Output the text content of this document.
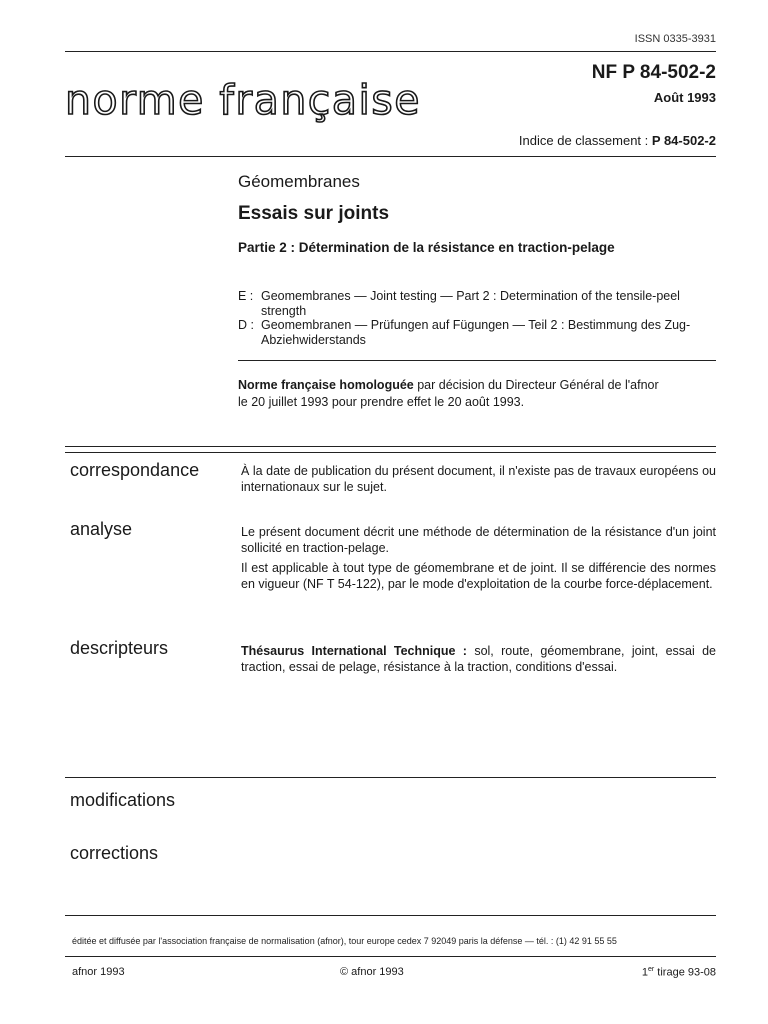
ISSN 0335-3931
norme française
NF P 84-502-2
Août 1993
Indice de classement : P 84-502-2
Géomembranes
Essais sur joints
Partie 2 : Détermination de la résistance en traction-pelage
E : Geomembranes — Joint testing — Part 2 : Determination of the tensile-peel strength
D : Geomembranen — Prüfungen auf Fügungen — Teil 2 : Bestimmung des Zug-Abziehwiderstands
Norme française homologuée par décision du Directeur Général de l'afnor
le 20 juillet 1993 pour prendre effet le 20 août 1993.
correspondance	À la date de publication du présent document, il n'existe pas de travaux européens ou internationaux sur le sujet.
analyse	Le présent document décrit une méthode de détermination de la résistance d'un joint sollicité en traction-pelage.
Il est applicable à tout type de géomembrane et de joint. Il se différencie des normes en vigueur (NF T 54-122), par le mode d'exploitation de la courbe force-déplacement.
descripteurs	Thésaurus International Technique : sol, route, géomembrane, joint, essai de traction, essai de pelage, résistance à la traction, conditions d'essai.
modifications
corrections
éditée et diffusée par l'association française de normalisation (afnor), tour europe cedex 7 92049 paris la défense — tél. : (1) 42 91 55 55
afnor 1993	© afnor 1993	1er tirage 93-08
